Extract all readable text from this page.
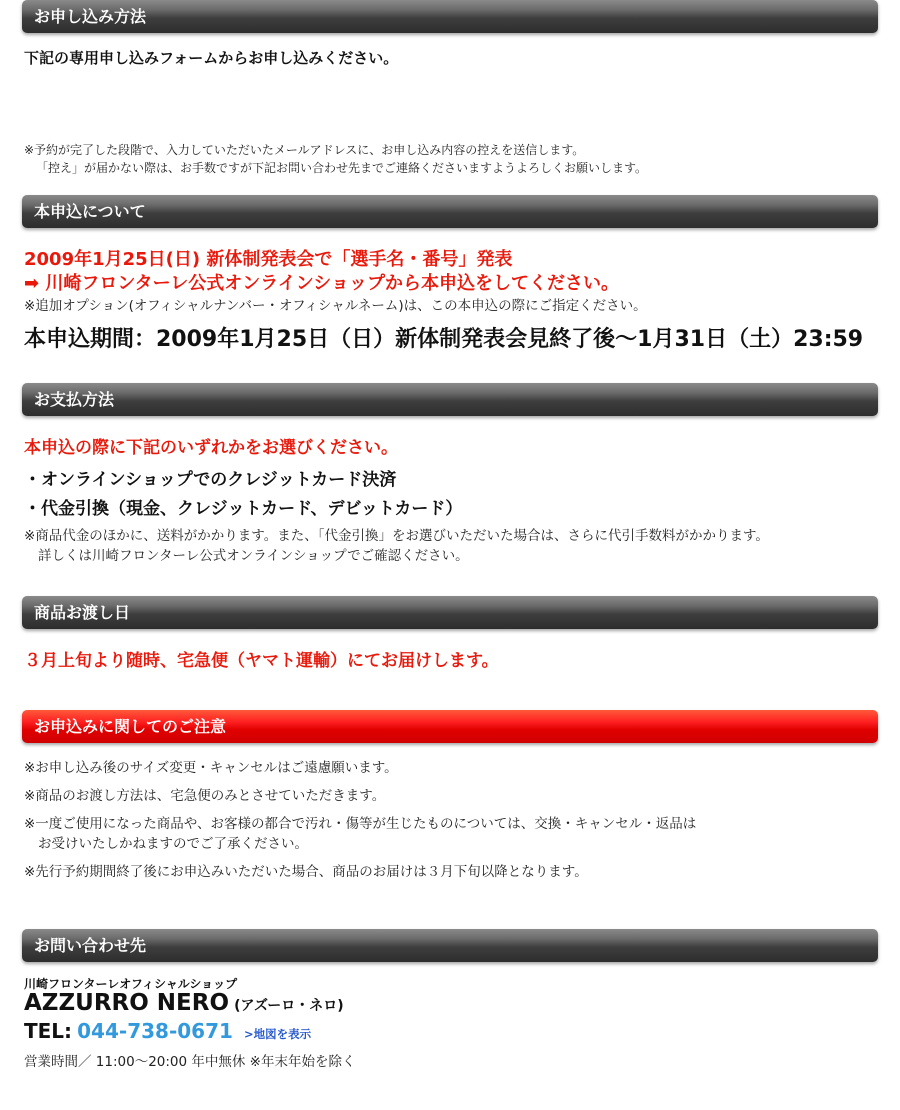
お申し込み方法
下記の専用申し込みフォームからお申し込みください。
※予約が完了した段階で、入力していただいたメールアドレスに、お申し込み内容の控えを送信します。
「控え」が届かない際は、お手数ですが下記お問い合わせ先までご連絡くださいますようよろしくお願いします。
本申込について
2009年1月25日(日) 新体制発表会で「選手名・番号」発表
➡ 川崎フロンターレ公式オンラインショップから本申込をしてください。
※追加オプション(オフィシャルナンバー・オフィシャルネーム)は、この本申込の際にご指定ください。
本申込期間：2009年1月25日（日）新体制発表会見終了後〜1月31日（土）23:59
お支払方法
本申込の際に下記のいずれかをお選びください。
・オンラインショップでのクレジットカード決済
・代金引換（現金、クレジットカード、デビットカード）
※商品代金のほかに、送料がかかります。また、「代金引換」をお選びいただいた場合は、さらに代引手数料がかかります。
詳しくは川崎フロンターレ公式オンラインショップでご確認ください。
商品お渡し日
３月上旬より随時、宅急便（ヤマト運輸）にてお届けします。
お申込みに関してのご注意
※お申し込み後のサイズ変更・キャンセルはご遠慮願います。
※商品のお渡し方法は、宅急便のみとさせていただきます。
※一度ご使用になった商品や、お客様の都合で汚れ・傷等が生じたものについては、交換・キャンセル・返品は
お受けいたしかねますのでご了承ください。
※先行予約期間終了後にお申込みいただいた場合、商品のお届けは３月下旬以降となります。
お問い合わせ先
川崎フロンターレオフィシャルショップ
AZZURRO NERO (アズーロ・ネロ)
TEL: 044-738-0671 >地図を表示
営業時間／ 11:00〜20:00 年中無休 ※年末年始を除く
